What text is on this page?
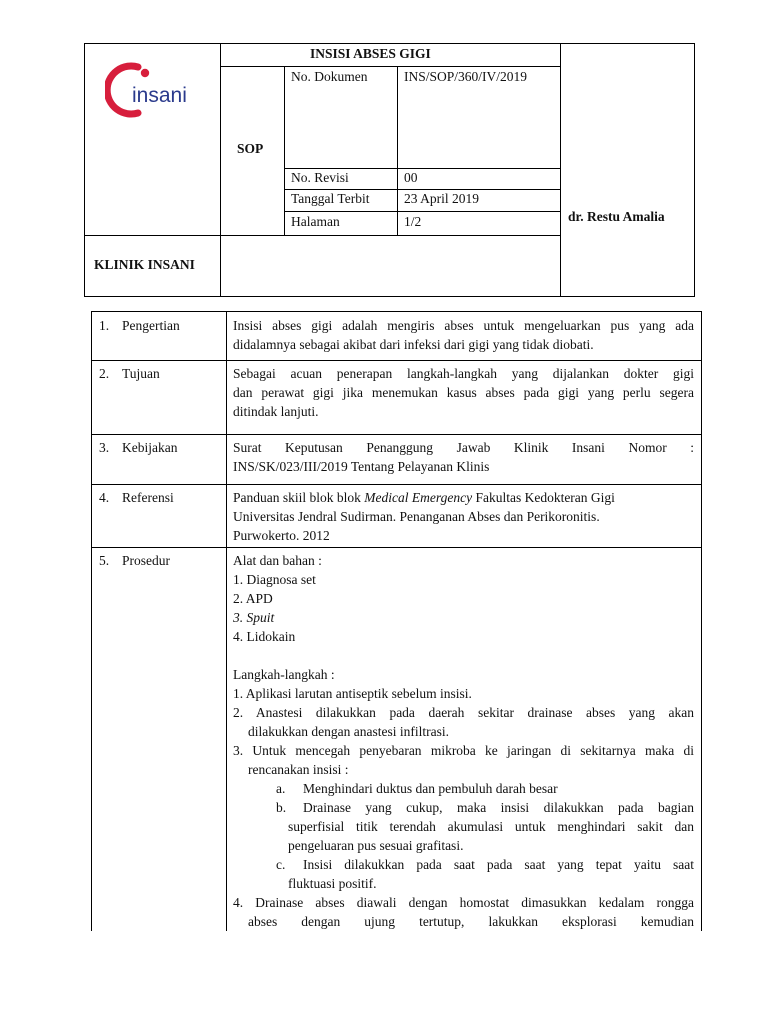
insani
INSISI ABSES GIGI
SOP
KLINIK INSANI
dr. Restu Amalia
No. Dokumen	INS/SOP/360/IV/2019
No. Revisi	00
Tanggal Terbit	23 April 2019
Halaman	1/2
1. Pengertian	Insisi abses gigi adalah mengiris abses untuk mengeluarkan pus yang ada

didalamnya sebagai akibat dari infeksi dari gigi yang tidak diobati.

2. Tujuan	Sebagai acuan penerapan langkah-langkah yang dijalankan dokter gigi

dan perawat gigi jika menemukan kasus abses pada gigi yang perlu segera

ditindak lanjuti.

3. Kebijakan	Surat Keputusan Penanggung Jawab Klinik Insani Nomor :

INS/SK/023/III/2019 Tentang Pelayanan Klinis

4. Referensi	Panduan skiil blok blok Medical Emergency Fakultas Kedokteran Gigi

Universitas Jendral Sudirman. Penanganan Abses dan Perikoronitis.

Purwokerto. 2012

5. Prosedur	Alat dan bahan :

1. Diagnosa set

2. APD

3. Spuit

4. Lidokain

Langkah-langkah :

1. Aplikasi larutan antiseptik sebelum insisi.

2. Anastesi dilakukkan pada daerah sekitar drainase abses yang akan

dilakukkan dengan anastesi infiltrasi.

3. Untuk mencegah penyebaran mikroba ke jaringan di sekitarnya maka di

rencanakan insisi :

a. Menghindari duktus dan pembuluh darah besar

b. Drainase yang cukup, maka insisi dilakukkan pada bagian

superfisial titik terendah akumulasi untuk menghindari sakit dan

pengeluaran pus sesuai grafitasi.

c. Insisi dilakukkan pada saat pada saat yang tepat yaitu saat

fluktuasi positif.

4. Drainase abses diawali dengan homostat dimasukkan kedalam rongga

abses dengan ujung tertutup, lakukkan eksplorasi kemudian
